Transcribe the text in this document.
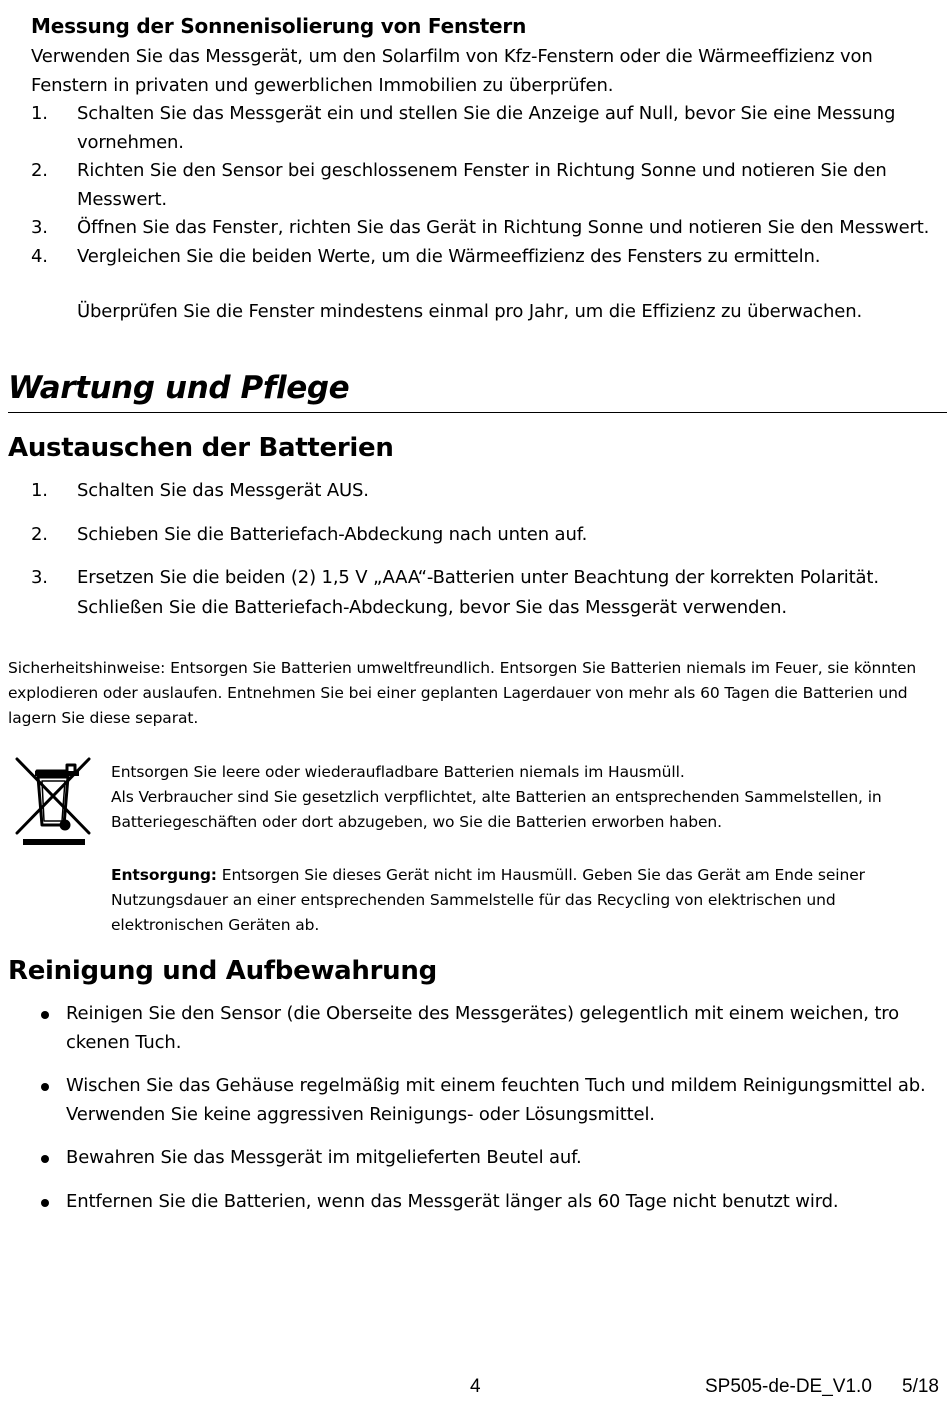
Messung der Sonnenisolierung von Fenstern
Verwenden Sie das Messgerät, um den Solarfilm von Kfz-Fenstern oder die Wärmeeffizienz von Fenstern in privaten und gewerblichen Immobilien zu überprüfen.
1. Schalten Sie das Messgerät ein und stellen Sie die Anzeige auf Null, bevor Sie eine Messung vornehmen.
2. Richten Sie den Sensor bei geschlossenem Fenster in Richtung Sonne und notieren Sie den Messwert.
3. Öffnen Sie das Fenster, richten Sie das Gerät in Richtung Sonne und notieren Sie den Messwert.
4. Vergleichen Sie die beiden Werte, um die Wärmeeffizienz des Fensters zu ermitteln.
Überprüfen Sie die Fenster mindestens einmal pro Jahr, um die Effizienz zu überwachen.
Wartung und Pflege
Austauschen der Batterien
1. Schalten Sie das Messgerät AUS.
2. Schieben Sie die Batteriefach-Abdeckung nach unten auf.
3. Ersetzen Sie die beiden (2) 1,5 V „AAA“-Batterien unter Beachtung der korrekten Polarität.
Schließen Sie die Batteriefach-Abdeckung, bevor Sie das Messgerät verwenden.
Sicherheitshinweise: Entsorgen Sie Batterien umweltfreundlich. Entsorgen Sie Batterien niemals im Feuer, sie könnten explodieren oder auslaufen. Entnehmen Sie bei einer geplanten Lagerdauer von mehr als 60 Tagen die Batterien und lagern Sie diese separat.
Entsorgen Sie leere oder wiederaufladbare Batterien niemals im Hausmüll.
Als Verbraucher sind Sie gesetzlich verpflichtet, alte Batterien an entsprechenden Sammelstellen, in Batteriegeschäften oder dort abzugeben, wo Sie die Batterien erworben haben.
Entsorgung: Entsorgen Sie dieses Gerät nicht im Hausmüll. Geben Sie das Gerät am Ende seiner Nutzungsdauer an einer entsprechenden Sammelstelle für das Recycling von elektrischen und elektronischen Geräten ab.
Reinigung und Aufbewahrung
Reinigen Sie den Sensor (die Oberseite des Messgerätes) gelegentlich mit einem weichen, tro ckenen Tuch.
Wischen Sie das Gehäuse regelmäßig mit einem feuchten Tuch und mildem Reinigungsmittel ab. Verwenden Sie keine aggressiven Reinigungs- oder Lösungsmittel.
Bewahren Sie das Messgerät im mitgelieferten Beutel auf.
Entfernen Sie die Batterien, wenn das Messgerät länger als 60 Tage nicht benutzt wird.
4	SP505-de-DE_V1.0 5/18
